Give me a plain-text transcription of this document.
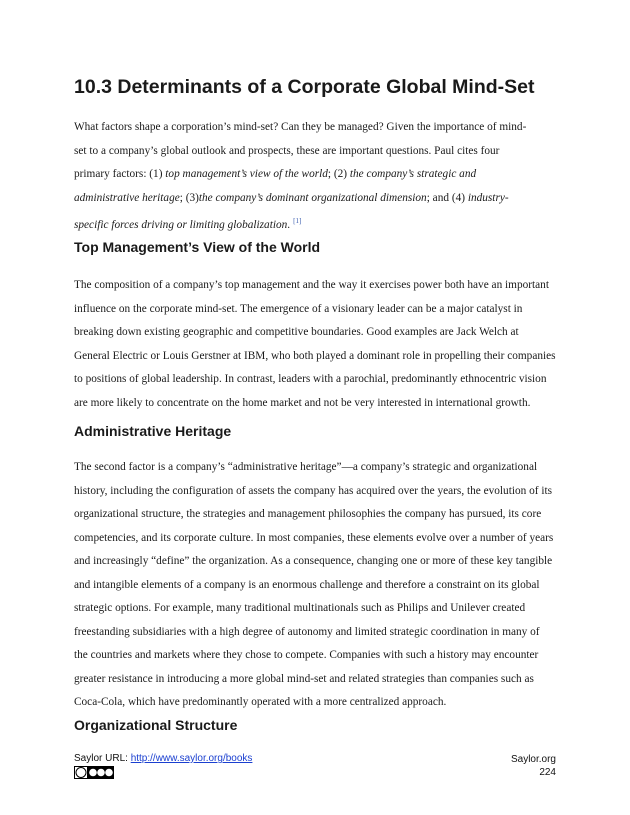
10.3 Determinants of a Corporate Global Mind-Set
What factors shape a corporation’s mind-set? Can they be managed? Given the importance of mind-
set to a company’s global outlook and prospects, these are important questions. Paul cites four
primary factors: (1) top management’s view of the world; (2) the company’s strategic and
administrative heritage; (3)the company’s dominant organizational dimension; and (4) industry-
specific forces driving or limiting globalization. [1]
Top Management’s View of the World
The composition of a company’s top management and the way it exercises power both have an important
influence on the corporate mind-set. The emergence of a visionary leader can be a major catalyst in
breaking down existing geographic and competitive boundaries. Good examples are Jack Welch at
General Electric or Louis Gerstner at IBM, who both played a dominant role in propelling their companies
to positions of global leadership. In contrast, leaders with a parochial, predominantly ethnocentric vision
are more likely to concentrate on the home market and not be very interested in international growth.
Administrative Heritage
The second factor is a company’s “administrative heritage”—a company’s strategic and organizational
history, including the configuration of assets the company has acquired over the years, the evolution of its
organizational structure, the strategies and management philosophies the company has pursued, its core
competencies, and its corporate culture. In most companies, these elements evolve over a number of years
and increasingly “define” the organization. As a consequence, changing one or more of these key tangible
and intangible elements of a company is an enormous challenge and therefore a constraint on its global
strategic options. For example, many traditional multinationals such as Philips and Unilever created
freestanding subsidiaries with a high degree of autonomy and limited strategic coordination in many of
the countries and markets where they chose to compete. Companies with such a history may encounter
greater resistance in introducing a more global mind-set and related strategies than companies such as
Coca-Cola, which have predominantly operated with a more centralized approach.
Organizational Structure
Saylor URL: http://www.saylor.org/books	Saylor.org
224
